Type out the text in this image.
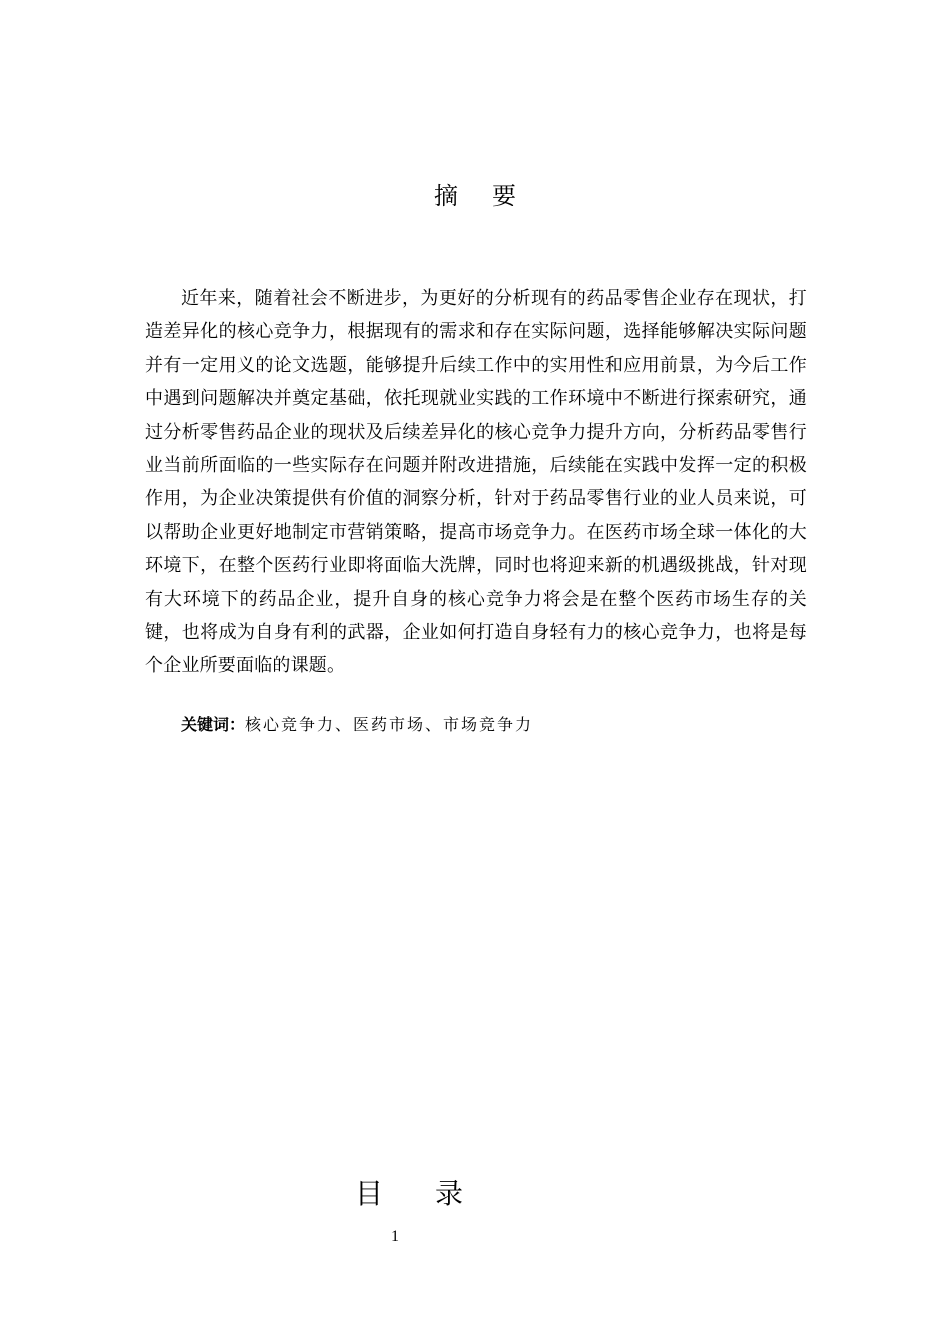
摘要

近年来，随着社会不断进步，为更好的分析现有的药品零售企业存在现状，打造差异化的核心竞争力，根据现有的需求和存在实际问题，选择能够解决实际问题并有一定用义的论文选题，能够提升后续工作中的实用性和应用前景，为今后工作中遇到问题解决并奠定基础，依托现就业实践的工作环境中不断进行探索研究，通过分析零售药品企业的现状及后续差异化的核心竞争力提升方向，分析药品零售行业当前所面临的一些实际存在问题并附改进措施，后续能在实践中发挥一定的积极作用，为企业决策提供有价值的洞察分析，针对于药品零售行业的业人员来说，可以帮助企业更好地制定市营销策略，提高市场竞争力。在医药市场全球一体化的大环境下，在整个医药行业即将面临大洗牌，同时也将迎来新的机遇级挑战，针对现有大环境下的药品企业，提升自身的核心竞争力将会是在整个医药市场生存的关键，也将成为自身有利的武器，企业如何打造自身轻有力的核心竞争力，也将是每个企业所要面临的课题。

关键词：核心竞争力、医药市场、市场竞争力
目录
1
